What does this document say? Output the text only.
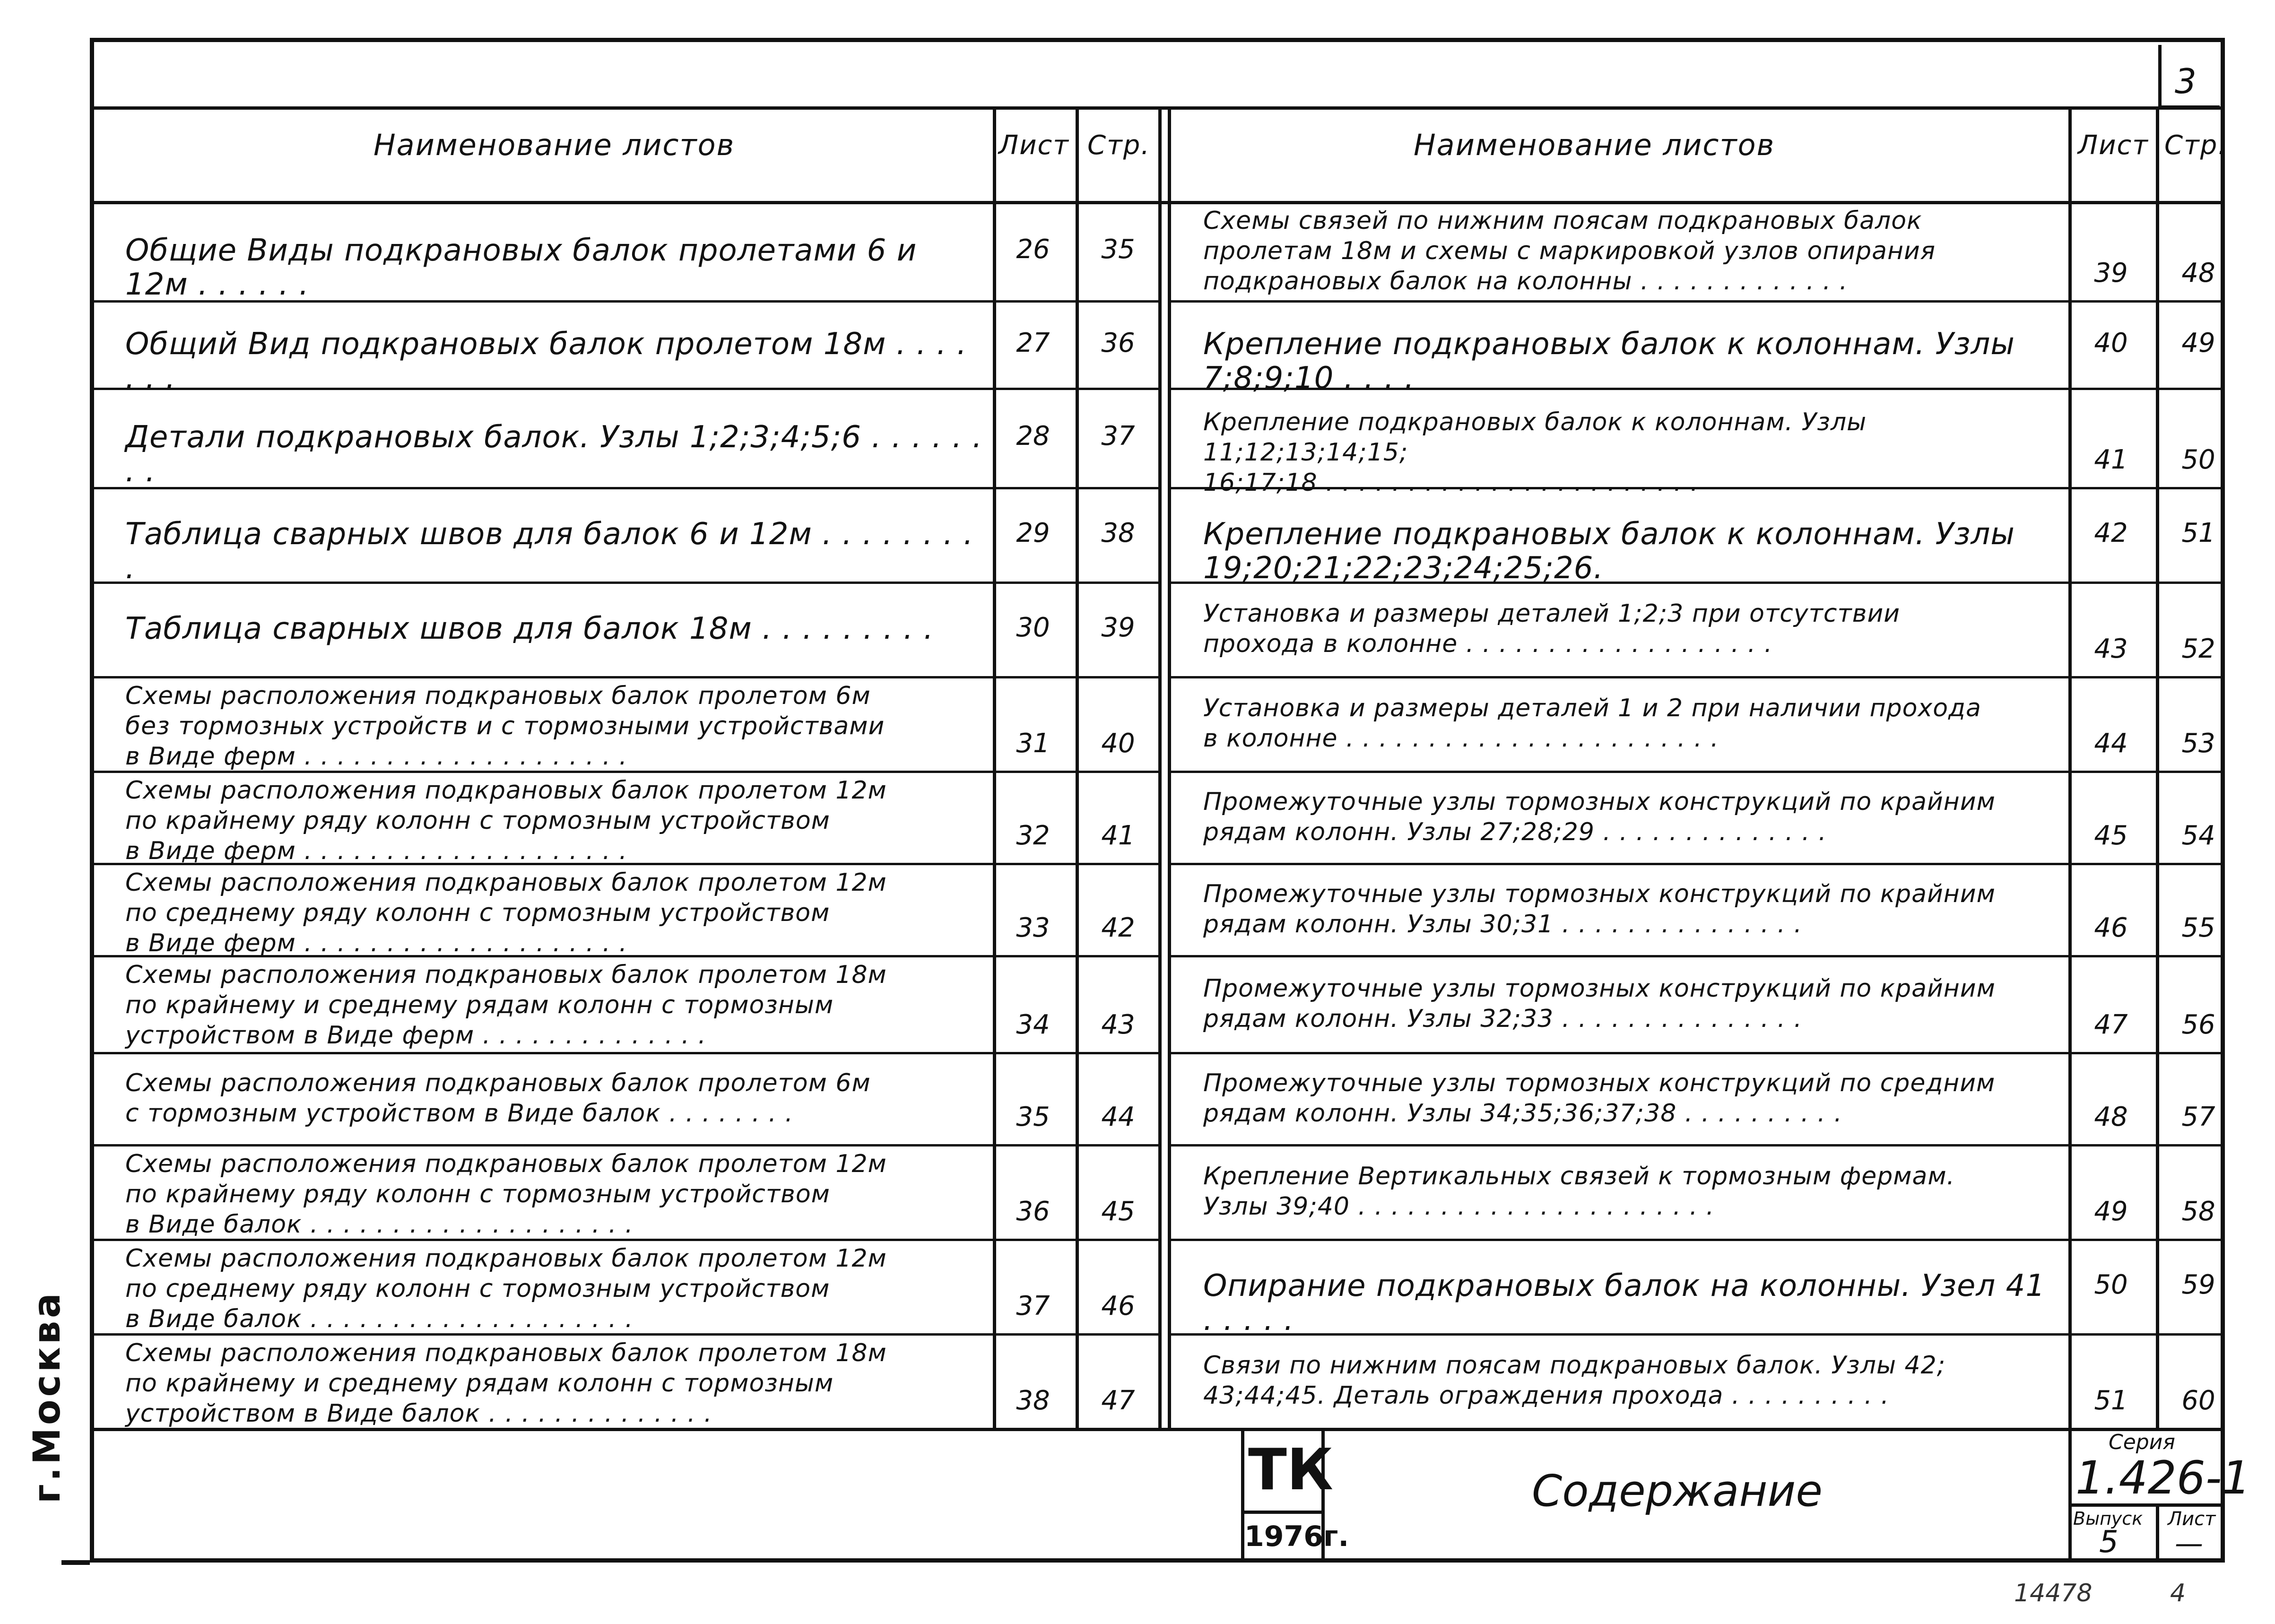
3
Наименование листов	Лист Стр.	Наименование листов	Лист Стр.
Общие Виды подкрановых балок пролетами 6 и 12м . . . . . .
26	35
Общий Вид подкрановых балок пролетом 18м . . . . . . .
27	36
Детали подкрановых балок. Узлы 1;2;3;4;5;6 . . . . . . . .
28	37
Таблица сварных швов для балок 6 и 12м . . . . . . . . .
29	38
Таблица сварных швов для балок 18м . . . . . . . . .	30	39
Схемы расположения подкрановых балок пролетом 6м
без тормозных устройств и с тормозными устройствами
в Виде ферм . . . . . . . . . . . . . . . . . . . .	31	40
Схемы расположения подкрановых балок пролетом 12м
по крайнему ряду колонн с тормозным устройством
в Виде ферм . . . . . . . . . . . . . . . . . . . .	32	41
Схемы расположения подкрановых балок пролетом 12м
по среднему ряду колонн с тормозным устройством
в Виде ферм . . . . . . . . . . . . . . . . . . . .	33	42
Схемы расположения подкрановых балок пролетом 18м
по крайнему и среднему рядам колонн с тормозным
устройством в Виде ферм . . . . . . . . . . . . . .	34	43
Схемы расположения подкрановых балок пролетом 6м
с тормозным устройством в Виде балок . . . . . . . .	35	44
Схемы расположения подкрановых балок пролетом 12м
по крайнему ряду колонн с тормозным устройством
в Виде балок . . . . . . . . . . . . . . . . . . . .	36	45
Схемы расположения подкрановых балок пролетом 12м
по среднему ряду колонн с тормозным устройством
в Виде балок . . . . . . . . . . . . . . . . . . . .	37	46
Схемы расположения подкрановых балок пролетом 18м
по крайнему и среднему рядам колонн с тормозным
устройством в Виде балок . . . . . . . . . . . . . .	38	47
Схемы связей по нижним поясам подкрановых балок
пролетам 18м и схемы с маркировкой узлов опирания
подкрановых балок на колонны . . . . . . . . . . . . .	39	48
Крепление подкрановых балок к колоннам. Узлы 7;8;9;10 . . . .
40	49
Крепление подкрановых балок к колоннам. Узлы 11;12;13;14;15;
16;17;18 . . . . . . . . . . . . . . . . . . . . . . .
41	50
Крепление подкрановых балок к колоннам. Узлы 19;20;21;22;23;24;25;26.
42	51
Установка и размеры деталей 1;2;3 при отсутствии
прохода в колонне . . . . . . . . . . . . . . . . . . .	43	52
Установка и размеры деталей 1 и 2 при наличии прохода
в колонне . . . . . . . . . . . . . . . . . . . . . . .	44	53
Промежуточные узлы тормозных конструкций по крайним
рядам колонн. Узлы 27;28;29 . . . . . . . . . . . . . .	45	54
Промежуточные узлы тормозных конструкций по крайним
рядам колонн. Узлы 30;31 . . . . . . . . . . . . . . .	46	55
Промежуточные узлы тормозных конструкций по крайним
рядам колонн. Узлы 32;33 . . . . . . . . . . . . . . .	47	56
Промежуточные узлы тормозных конструкций по средним
рядам колонн. Узлы 34;35;36;37;38 . . . . . . . . . .	48	57
Крепление Вертикальных связей к тормозным фермам.
Узлы 39;40 . . . . . . . . . . . . . . . . . . . . . .	49	58
Опирание подкрановых балок на колонны. Узел 41 . . . . .
50	59
Связи по нижним поясам подкрановых балок. Узлы 42;
43;44;45. Деталь ограждения прохода . . . . . . . . . .	51	60
ТК
1976г.
Содержание
Серия
1.426-1
Выпуск
5
Лист
—
г.Москва
14478	4
